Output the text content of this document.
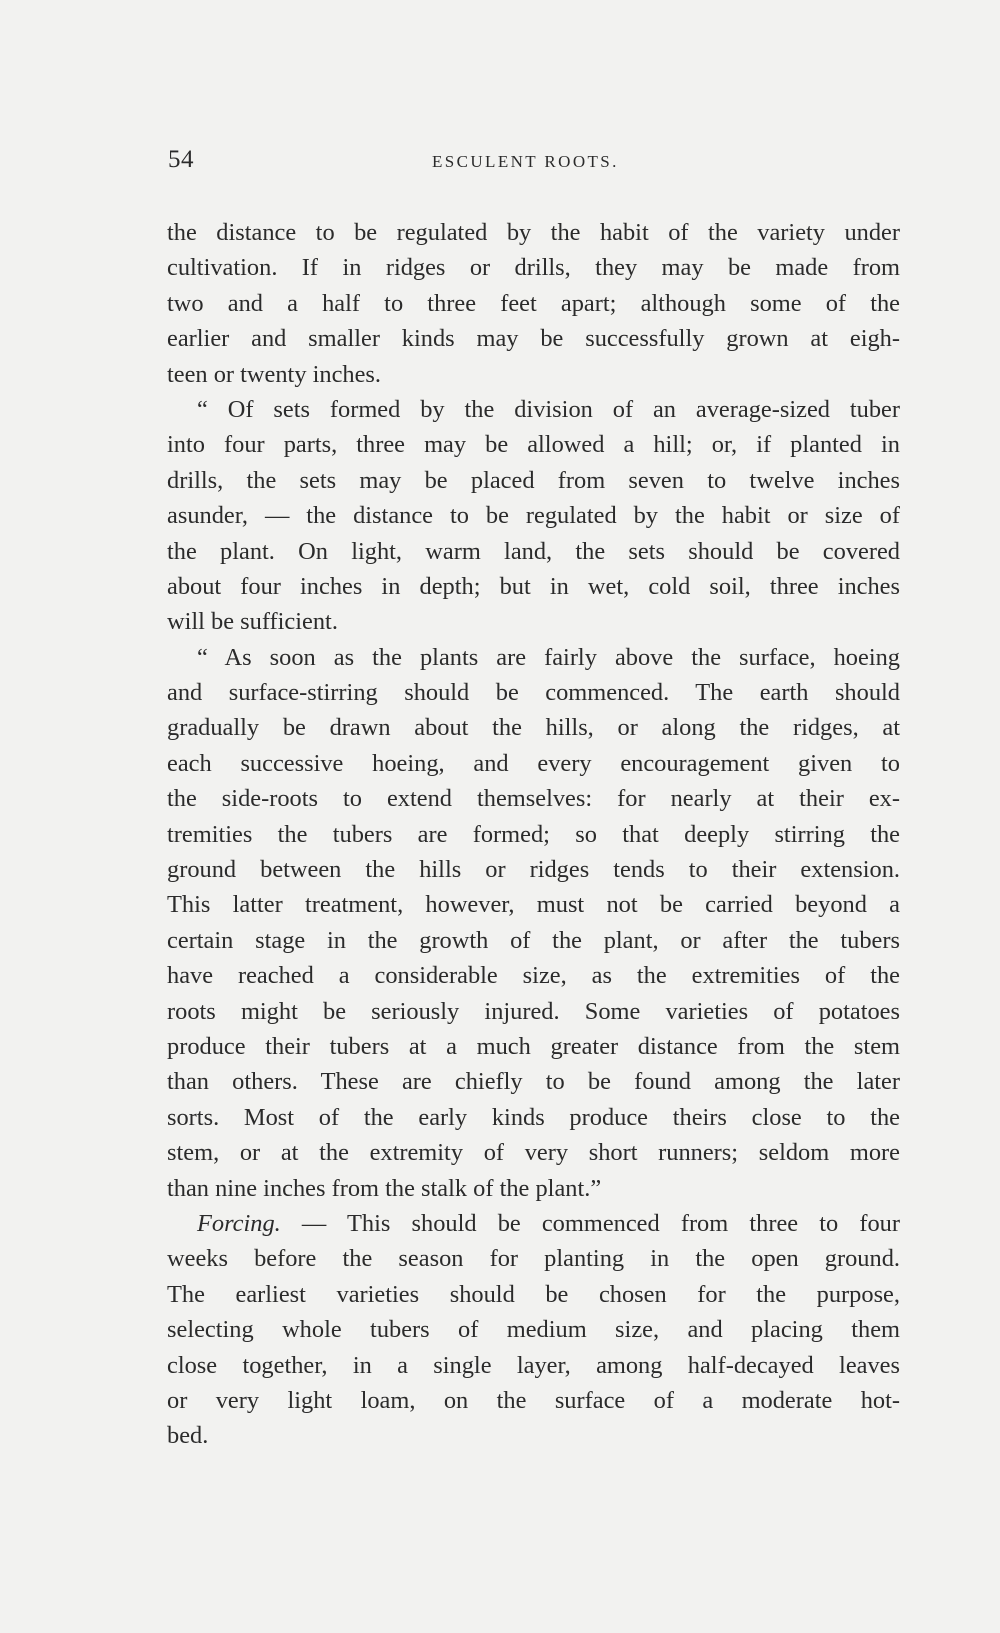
54	ESCULENT ROOTS.
the distance to be regulated by the habit of the variety under
cultivation. If in ridges or drills, they may be made from
two and a half to three feet apart; although some of the
earlier and smaller kinds may be successfully grown at eigh-
teen or twenty inches.
“ Of sets formed by the division of an average-sized tuber
into four parts, three may be allowed a hill; or, if planted in
drills, the sets may be placed from seven to twelve inches
asunder, — the distance to be regulated by the habit or size of
the plant. On light, warm land, the sets should be covered
about four inches in depth; but in wet, cold soil, three inches
will be sufficient.
“ As soon as the plants are fairly above the surface, hoeing
and surface-stirring should be commenced. The earth should
gradually be drawn about the hills, or along the ridges, at
each successive hoeing, and every encouragement given to
the side-roots to extend themselves: for nearly at their ex-
tremities the tubers are formed; so that deeply stirring the
ground between the hills or ridges tends to their extension.
This latter treatment, however, must not be carried beyond a
certain stage in the growth of the plant, or after the tubers
have reached a considerable size, as the extremities of the
roots might be seriously injured. Some varieties of potatoes
produce their tubers at a much greater distance from the stem
than others. These are chiefly to be found among the later
sorts. Most of the early kinds produce theirs close to the
stem, or at the extremity of very short runners; seldom more
than nine inches from the stalk of the plant.”
Forcing. — This should be commenced from three to four
weeks before the season for planting in the open ground.
The earliest varieties should be chosen for the purpose,
selecting whole tubers of medium size, and placing them
close together, in a single layer, among half-decayed leaves
or very light loam, on the surface of a moderate hot-
bed.
